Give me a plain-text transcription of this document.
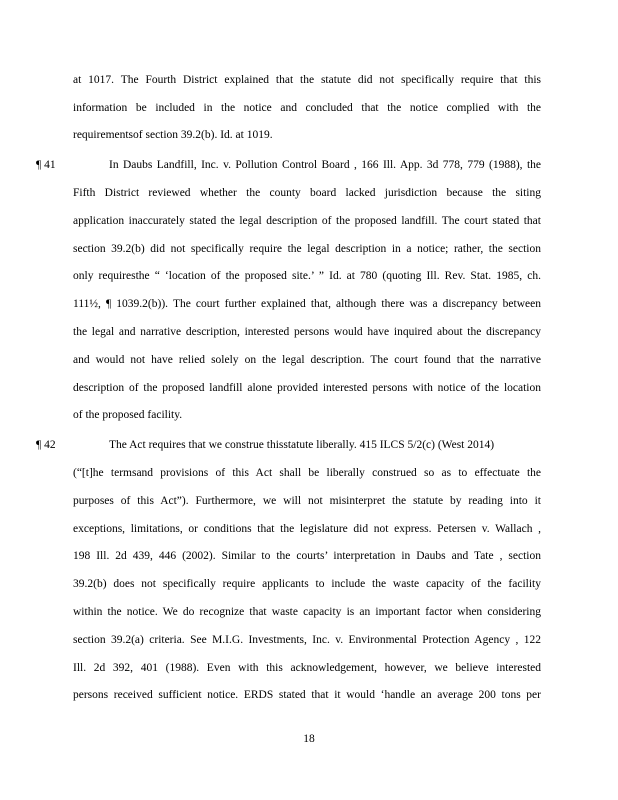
at 1017. The Fourth District explained that the statute did not specifically require that this
information be included in the notice and concluded that the notice complied with the
requirementsof section 39.2(b). Id. at 1019.
¶ 41	In Daubs Landfill, Inc. v. Pollution Control Board , 166 Ill. App. 3d 778, 779 (1988), the
Fifth District reviewed whether the county board lacked jurisdiction because the siting
application inaccurately stated the legal description of the proposed landfill. The court stated that
section 39.2(b) did not specifically require the legal description in a notice; rather, the section
only requiresthe “ ‘location of the proposed site.’ ” Id. at 780 (quoting Ill. Rev. Stat. 1985, ch.
111½, ¶ 1039.2(b)). The court further explained that, although there was a discrepancy between
the legal and narrative description, interested persons would have inquired about the discrepancy
and would not have relied solely on the legal description. The court found that the narrative
description of the proposed landfill alone provided interested persons with notice of the location
of the proposed facility.
¶ 42	The Act requires that we construe thisstatute liberally. 415 ILCS 5/2(c) (West 2014)
(“[t]he termsand provisions of this Act shall be liberally construed so as to effectuate the
purposes of this Act”). Furthermore, we will not misinterpret the statute by reading into it
exceptions, limitations, or conditions that the legislature did not express. Petersen v. Wallach ,
198 Ill. 2d 439, 446 (2002). Similar to the courts’ interpretation in Daubs and Tate , section
39.2(b) does not specifically require applicants to include the waste capacity of the facility
within the notice. We do recognize that waste capacity is an important factor when considering
section 39.2(a) criteria. See M.I.G. Investments, Inc. v. Environmental Protection Agency , 122
Ill. 2d 392, 401 (1988). Even with this acknowledgement, however, we believe interested
persons received sufficient notice. ERDS stated that it would ‘handle an average 200 tons per
18
